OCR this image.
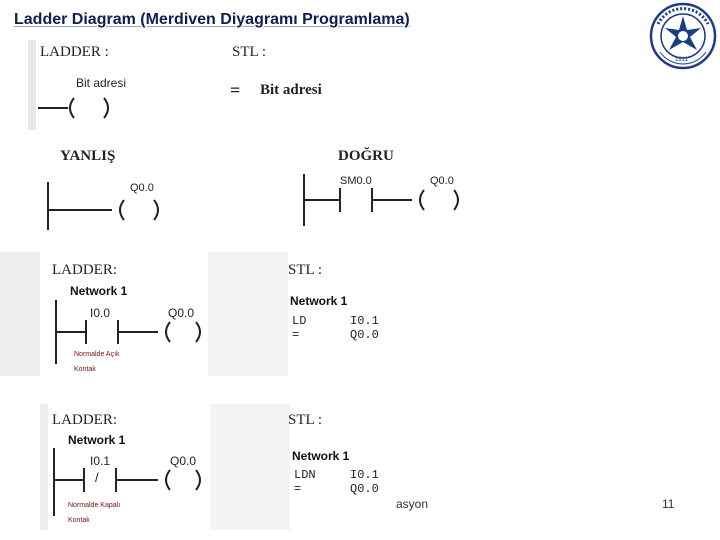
Ladder Diagram (Merdiven Diyagramı Programlama)
1911
LADDER :	STL :
Bit adresi	= Bit adresi
YANLIŞ
Q0.0
DOĞRU
SM0.0	Q0.0
LADDER:	STL :
Network 1
I0.0	Q0.0
Network 1
LD	I0.1
=	Q0.0
Normalde Açık
Kontak
LADDER:	STL :
Network 1
I0.1	Q0.0
/
Network 1
LDN	I0.1
=	Q0.0
Normalde Kapalı
Kontak
asyon	11
